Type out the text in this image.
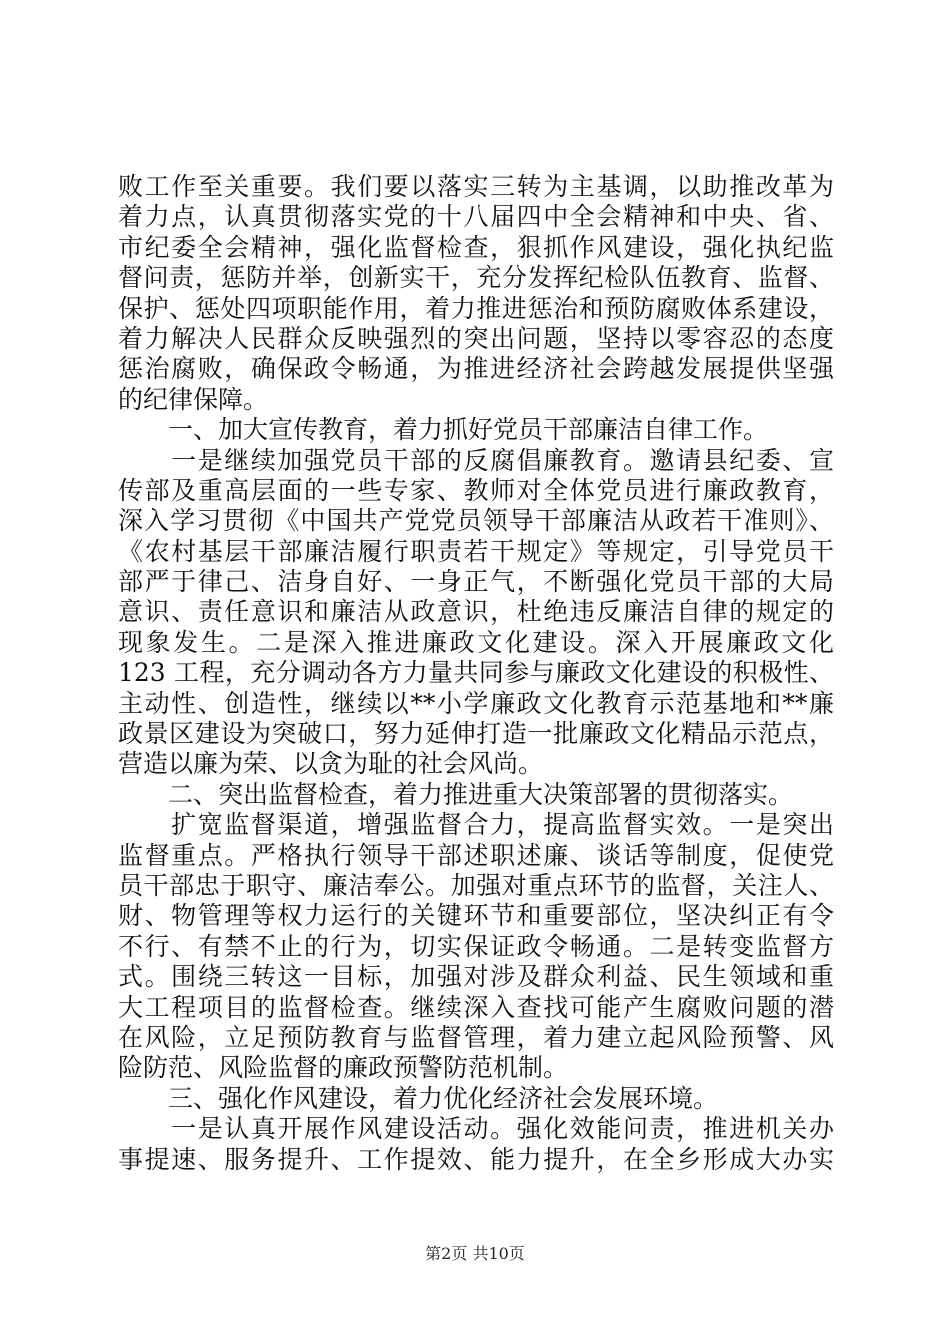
败工作至关重要。我们要以落实三转为主基调，以助推改革为
着力点，认真贯彻落实党的十八届四中全会精神和中央、省、
市纪委全会精神，强化监督检查，狠抓作风建设，强化执纪监
督问责，惩防并举，创新实干，充分发挥纪检队伍教育、监督、
保护、惩处四项职能作用，着力推进惩治和预防腐败体系建设，
着力解决人民群众反映强烈的突出问题，坚持以零容忍的态度
惩治腐败，确保政令畅通，为推进经济社会跨越发展提供坚强
的纪律保障。
　　一、加大宣传教育，着力抓好党员干部廉洁自律工作。
　　一是继续加强党员干部的反腐倡廉教育。邀请县纪委、宣
传部及重高层面的一些专家、教师对全体党员进行廉政教育，
深入学习贯彻《中国共产党党员领导干部廉洁从政若干准则》、
《农村基层干部廉洁履行职责若干规定》等规定，引导党员干
部严于律己、洁身自好、一身正气，不断强化党员干部的大局
意识、责任意识和廉洁从政意识，杜绝违反廉洁自律的规定的
现象发生。二是深入推进廉政文化建设。深入开展廉政文化
123 工程，充分调动各方力量共同参与廉政文化建设的积极性、
主动性、创造性，继续以**小学廉政文化教育示范基地和**廉
政景区建设为突破口，努力延伸打造一批廉政文化精品示范点，
营造以廉为荣、以贪为耻的社会风尚。
　　二、突出监督检查，着力推进重大决策部署的贯彻落实。
　　扩宽监督渠道，增强监督合力，提高监督实效。一是突出
监督重点。严格执行领导干部述职述廉、谈话等制度，促使党
员干部忠于职守、廉洁奉公。加强对重点环节的监督，关注人、
财、物管理等权力运行的关键环节和重要部位，坚决纠正有令
不行、有禁不止的行为，切实保证政令畅通。二是转变监督方
式。围绕三转这一目标，加强对涉及群众利益、民生领域和重
大工程项目的监督检查。继续深入查找可能产生腐败问题的潜
在风险，立足预防教育与监督管理，着力建立起风险预警、风
险防范、风险监督的廉政预警防范机制。
　　三、强化作风建设，着力优化经济社会发展环境。
　　一是认真开展作风建设活动。强化效能问责，推进机关办
事提速、服务提升、工作提效、能力提升，在全乡形成大办实
第2页 共10页
